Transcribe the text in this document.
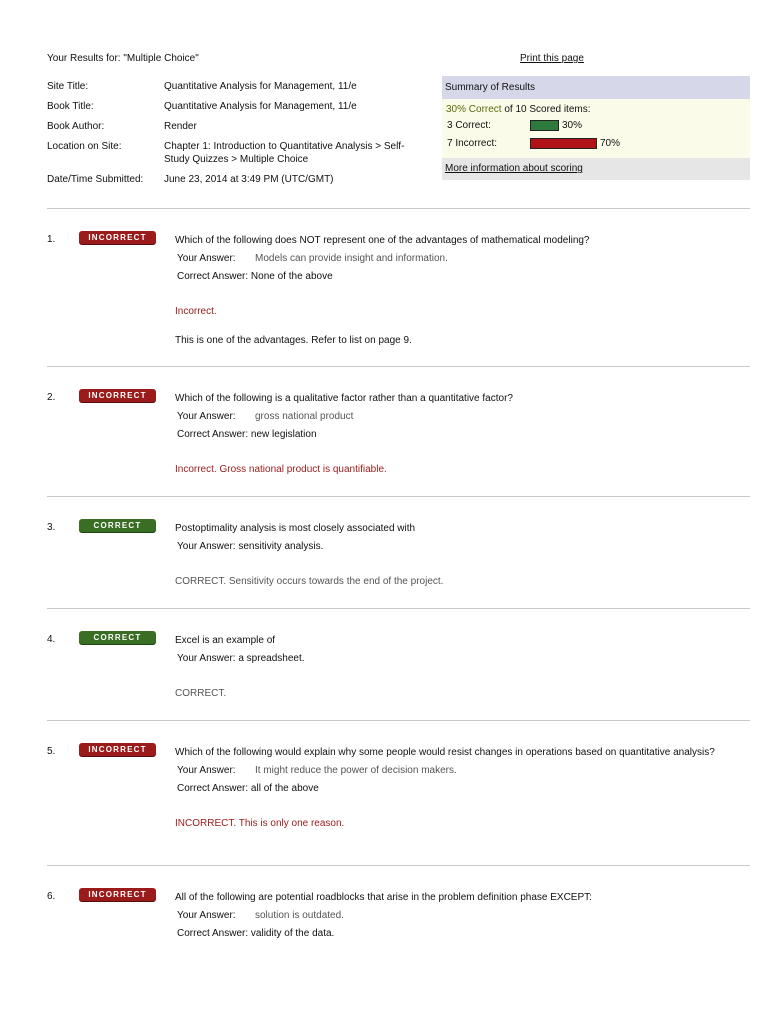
Your Results for: "Multiple Choice"	Print this page
Site Title:	Quantitative Analysis for Management, 11/e
Book Title:	Quantitative Analysis for Management, 11/e
Book Author:	Render
Location on Site:	Chapter 1: Introduction to Quantitative Analysis > Self-Study Quizzes > Multiple Choice
Date/Time Submitted:	June 23, 2014 at 3:49 PM (UTC/GMT)
Summary of Results
30% Correct of 10 Scored items:
3 Correct:	30%
7 Incorrect:	70%
More information about scoring
1.	INCORRECT	Which of the following does NOT represent one of the advantages of mathematical modeling?
Your Answer:	Models can provide insight and information.
Correct Answer:
None of the above
Incorrect.
This is one of the advantages. Refer to list on page 9.
2.	INCORRECT	Which of the following is a qualitative factor rather than a quantitative factor?
Your Answer:	gross national product
Correct Answer:
new legislation
Incorrect. Gross national product is quantifiable.
3.	CORRECT	Postoptimality analysis is most closely associated with
Your Answer:
sensitivity analysis.
CORRECT. Sensitivity occurs towards the end of the project.
4.	CORRECT	Excel is an example of
Your Answer:
a spreadsheet.
CORRECT.
5.	INCORRECT	Which of the following would explain why some people would resist changes in operations based on quantitative analysis?
Your Answer:	It might reduce the power of decision makers.
Correct Answer:
all of the above
INCORRECT. This is only one reason.
6.	INCORRECT	All of the following are potential roadblocks that arise in the problem definition phase EXCEPT:
Your Answer:	solution is outdated.
Correct Answer:
validity of the data.
